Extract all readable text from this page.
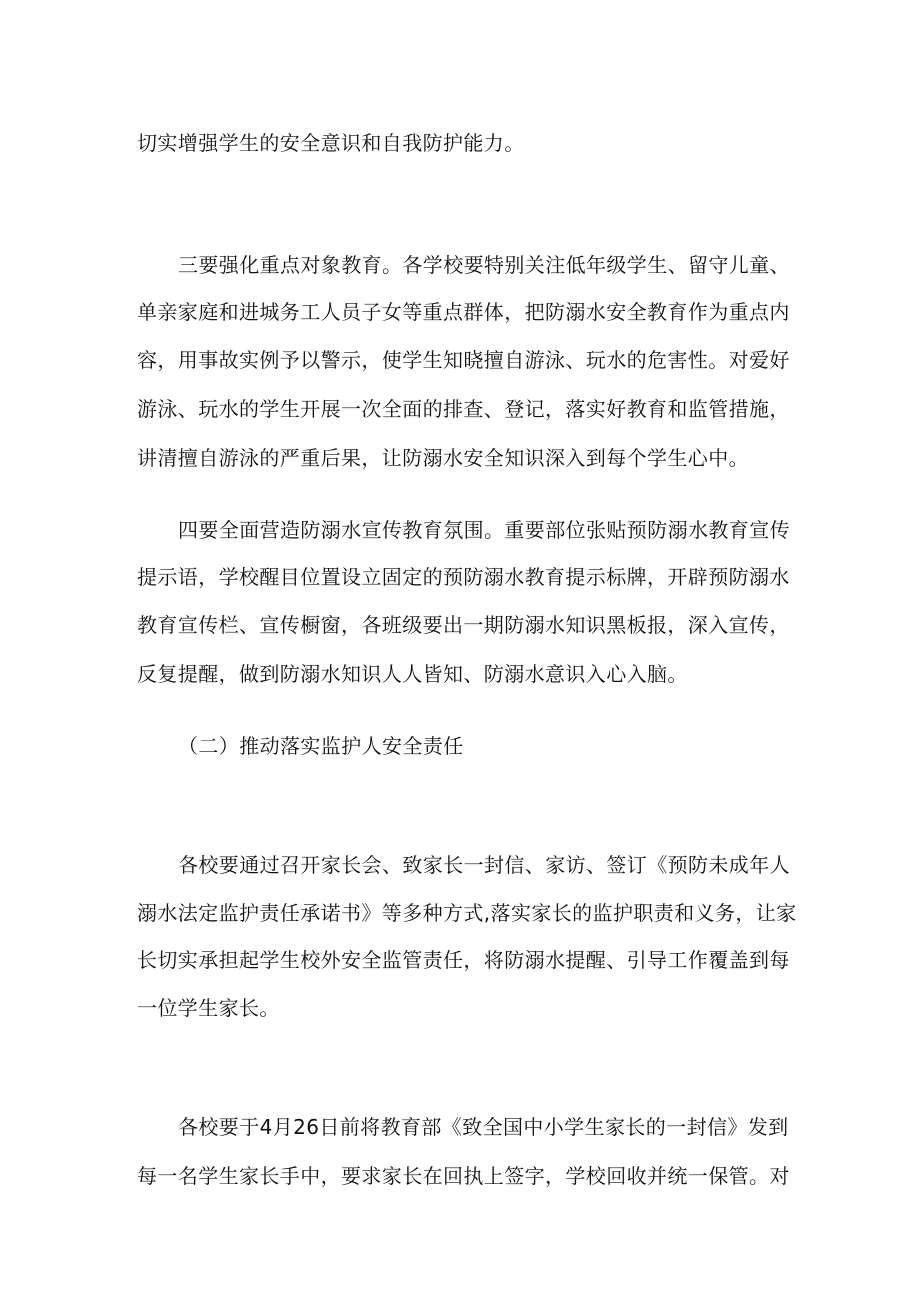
切实增强学生的安全意识和自我防护能力。
三要强化重点对象教育。各学校要特别关注低年级学生、留守儿童、
单亲家庭和进城务工人员子女等重点群体，把防溺水安全教育作为重点内
容，用事故实例予以警示，使学生知晓擅自游泳、玩水的危害性。对爱好
游泳、玩水的学生开展一次全面的排查、登记，落实好教育和监管措施，
讲清擅自游泳的严重后果，让防溺水安全知识深入到每个学生心中。
四要全面营造防溺水宣传教育氛围。重要部位张贴预防溺水教育宣传
提示语，学校醒目位置设立固定的预防溺水教育提示标牌，开辟预防溺水
教育宣传栏、宣传橱窗，各班级要出一期防溺水知识黑板报，深入宣传，
反复提醒，做到防溺水知识人人皆知、防溺水意识入心入脑。
（二）推动落实监护人安全责任
各校要通过召开家长会、致家长一封信、家访、签订《预防未成年人
溺水法定监护责任承诺书》等多种方式,落实家长的监护职责和义务，让家
长切实承担起学生校外安全监管责任，将防溺水提醒、引导工作覆盖到每
一位学生家长。
各校要于4月26日前将教育部《致全国中小学生家长的一封信》发到
每一名学生家长手中，要求家长在回执上签字，学校回收并统一保管。对
